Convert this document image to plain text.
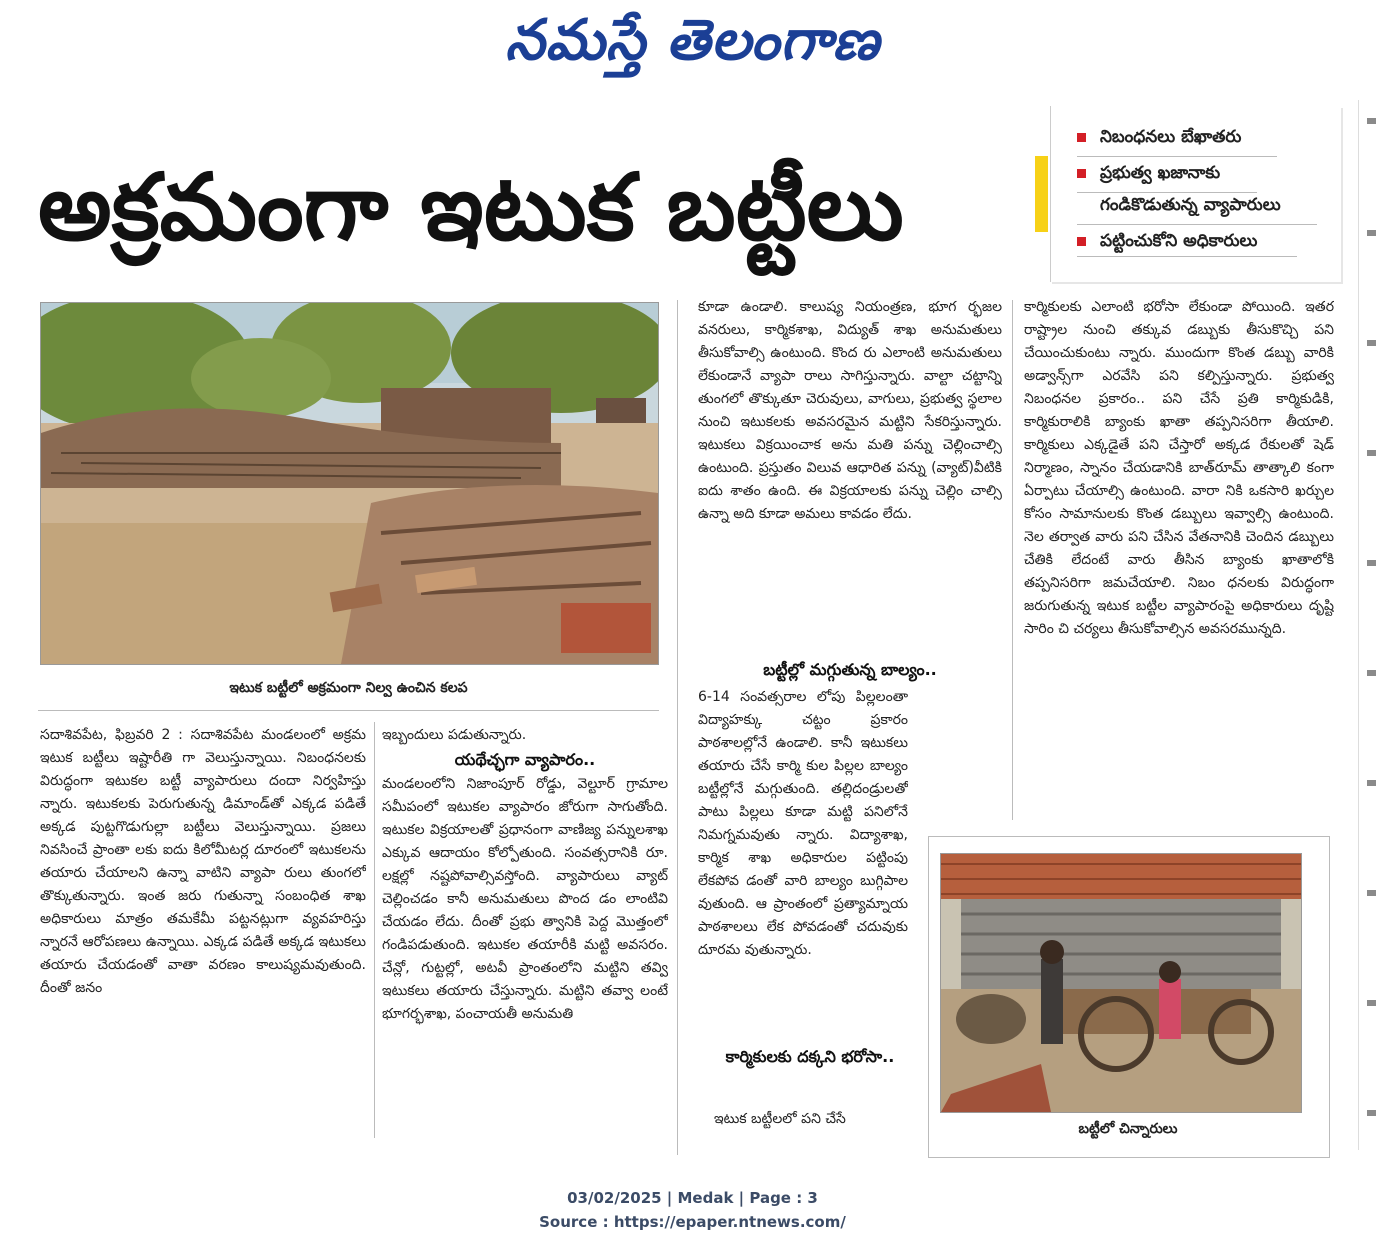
నమస్తే తెలంగాణ
అక్రమంగా ఇటుక బట్టీలు
నిబంధనలు బేఖాతరు
ప్రభుత్వ ఖజానాకు
గండికొడుతున్న వ్యాపారులు
పట్టించుకోని అధికారులు
ఇటుక బట్టీలో అక్రమంగా నిల్వ ఉంచిన కలప

సదాశివపేట, ఫిబ్రవరి 2 : సదాశివపేట మండలంలో అక్రమ ఇటుక బట్టీలు ఇష్టారీతి గా వెలుస్తున్నాయి. నిబంధనలకు విరుద్ధంగా ఇటుకల బట్టీ వ్యాపారులు దందా నిర్వహిస్తు న్నారు. ఇటుకలకు పెరుగుతున్న డిమాండ్‌తో ఎక్కడ పడితే అక్కడ పుట్టగొడుగుల్లా బట్టీలు వెలుస్తున్నాయి. ప్రజలు నివసించే ప్రాంతా లకు ఐదు కిలోమీటర్ల దూరంలో ఇటుకలను తయారు చేయాలని ఉన్నా వాటిని వ్యాపా రులు తుంగలో తొక్కుతున్నారు. ఇంత జరు గుతున్నా సంబంధిత శాఖ అధికారులు మాత్రం తమకేమీ పట్టనట్లుగా వ్యవహరిస్తు న్నారనే ఆరోపణలు ఉన్నాయి. ఎక్కడ పడితే అక్కడ ఇటుకలు తయారు చేయడంతో వాతా వరణం కాలుష్యమవుతుంది. దీంతో జనం

ఇబ్బందులు పడుతున్నారు.

యథేచ్ఛగా వ్యాపారం..

మండలంలోని నిజాంపూర్ రోడ్డు, వెల్టూర్ గ్రామాల సమీపంలో ఇటుకల వ్యాపారం జోరుగా సాగుతోంది. ఇటుకల విక్రయాలతో ప్రధానంగా వాణిజ్య పన్నులశాఖ ఎక్కువ ఆదాయం కోల్పోతుంది. సంవత్సరానికి రూ. లక్షల్లో నష్టపోవాల్సివస్తోంది. వ్యాపారులు వ్యాట్ చెల్లించడం కానీ అనుమతులు పొంద డం లాంటివి చేయడం లేదు. దీంతో ప్రభు త్వానికి పెద్ద మొత్తంలో గండిపడుతుంది. ఇటుకల తయారీకి మట్టి అవసరం. చేన్లో, గుట్టల్లో, అటవీ ప్రాంతంలోని మట్టిని తవ్వి ఇటుకలు తయారు చేస్తున్నారు. మట్టిని తవ్వా లంటే భూగర్భశాఖ, పంచాయతీ అనుమతి

కూడా ఉండాలి. కాలుష్య నియంత్రణ, భూగ ర్భజల వనరులు, కార్మికశాఖ, విద్యుత్ శాఖ అనుమతులు తీసుకోవాల్సి ఉంటుంది. కొంద రు ఎలాంటి అనుమతులు లేకుండానే వ్యాపా రాలు సాగిస్తున్నారు. వాల్టా చట్టాన్ని తుంగలో తొక్కుతూ చెరువులు, వాగులు, ప్రభుత్వ స్థలాల నుంచి ఇటుకలకు అవసరమైన మట్టిని సేకరిస్తున్నారు. ఇటుకలు విక్రయించాక అను మతి పన్ను చెల్లించాల్సి ఉంటుంది. ప్రస్తుతం విలువ ఆధారిత పన్ను (వ్యాట్)వీటికి ఐదు శాతం ఉంది. ఈ విక్రయాలకు పన్ను చెల్లిం చాల్సి ఉన్నా అది కూడా అమలు కావడం లేదు.

బట్టీల్లో మగ్గుతున్న బాల్యం..

6-14 సంవత్సరాల లోపు పిల్లలంతా విద్యాహక్కు చట్టం ప్రకారం పాఠశాలల్లోనే ఉండాలి. కానీ ఇటుకలు తయారు చేసే కార్మి కుల పిల్లల బాల్యం బట్టీల్లోనే మగ్గుతుంది. తల్లిదండ్రులతో పాటు పిల్లలు కూడా మట్టి పనిలోనే నిమగ్నమవుతు న్నారు. విద్యాశాఖ, కార్మిక శాఖ అధికారుల పట్టింపు లేకపోవ డంతో వారి బాల్యం బుగ్గిపాల వుతుంది. ఆ ప్రాంతంలో ప్రత్యామ్నాయ పాఠశాలలు లేక పోవడంతో చదువుకు దూరమ వుతున్నారు.

కార్మికులకు దక్కని భరోసా..
ఇటుక బట్టీలలో పని చేసే

కార్మికులకు ఎలాంటి భరోసా లేకుండా పోయింది. ఇతర రాష్ట్రాల నుంచి తక్కువ డబ్బుకు తీసుకొచ్చి పని చేయించుకుంటు న్నారు. ముందుగా కొంత డబ్బు వారికి అడ్వాన్స్‌గా ఎరవేసి పని కల్పిస్తున్నారు. ప్రభుత్వ నిబంధనల ప్రకారం.. పని చేసే ప్రతి కార్మికుడికి, కార్మికురాలికి బ్యాంకు ఖాతా తప్పనిసరిగా తీయాలి. కార్మికులు ఎక్కడైతే పని చేస్తారో అక్కడ రేకులతో షెడ్ నిర్మాణం, స్నానం చేయడానికి బాత్‌రూమ్ తాత్కాలి కంగా ఏర్పాటు చేయాల్సి ఉంటుంది. వారా నికి ఒకసారి ఖర్చుల కోసం సామానులకు కొంత డబ్బులు ఇవ్వాల్సి ఉంటుంది. నెల తర్వాత వారు పని చేసిన వేతనానికి చెందిన డబ్బులు చేతికి లేదంటే వారు తీసిన బ్యాంకు ఖాతాలోకి తప్పనిసరిగా జమచేయాలి. నిబం ధనలకు విరుద్ధంగా జరుగుతున్న ఇటుక బట్టీల వ్యాపారంపై అధికారులు దృష్టి సారిం చి చర్యలు తీసుకోవాల్సిన అవసరమున్నది.

బట్టీలో చిన్నారులు
03/02/2025 | Medak | Page : 3
Source : https://epaper.ntnews.com/
